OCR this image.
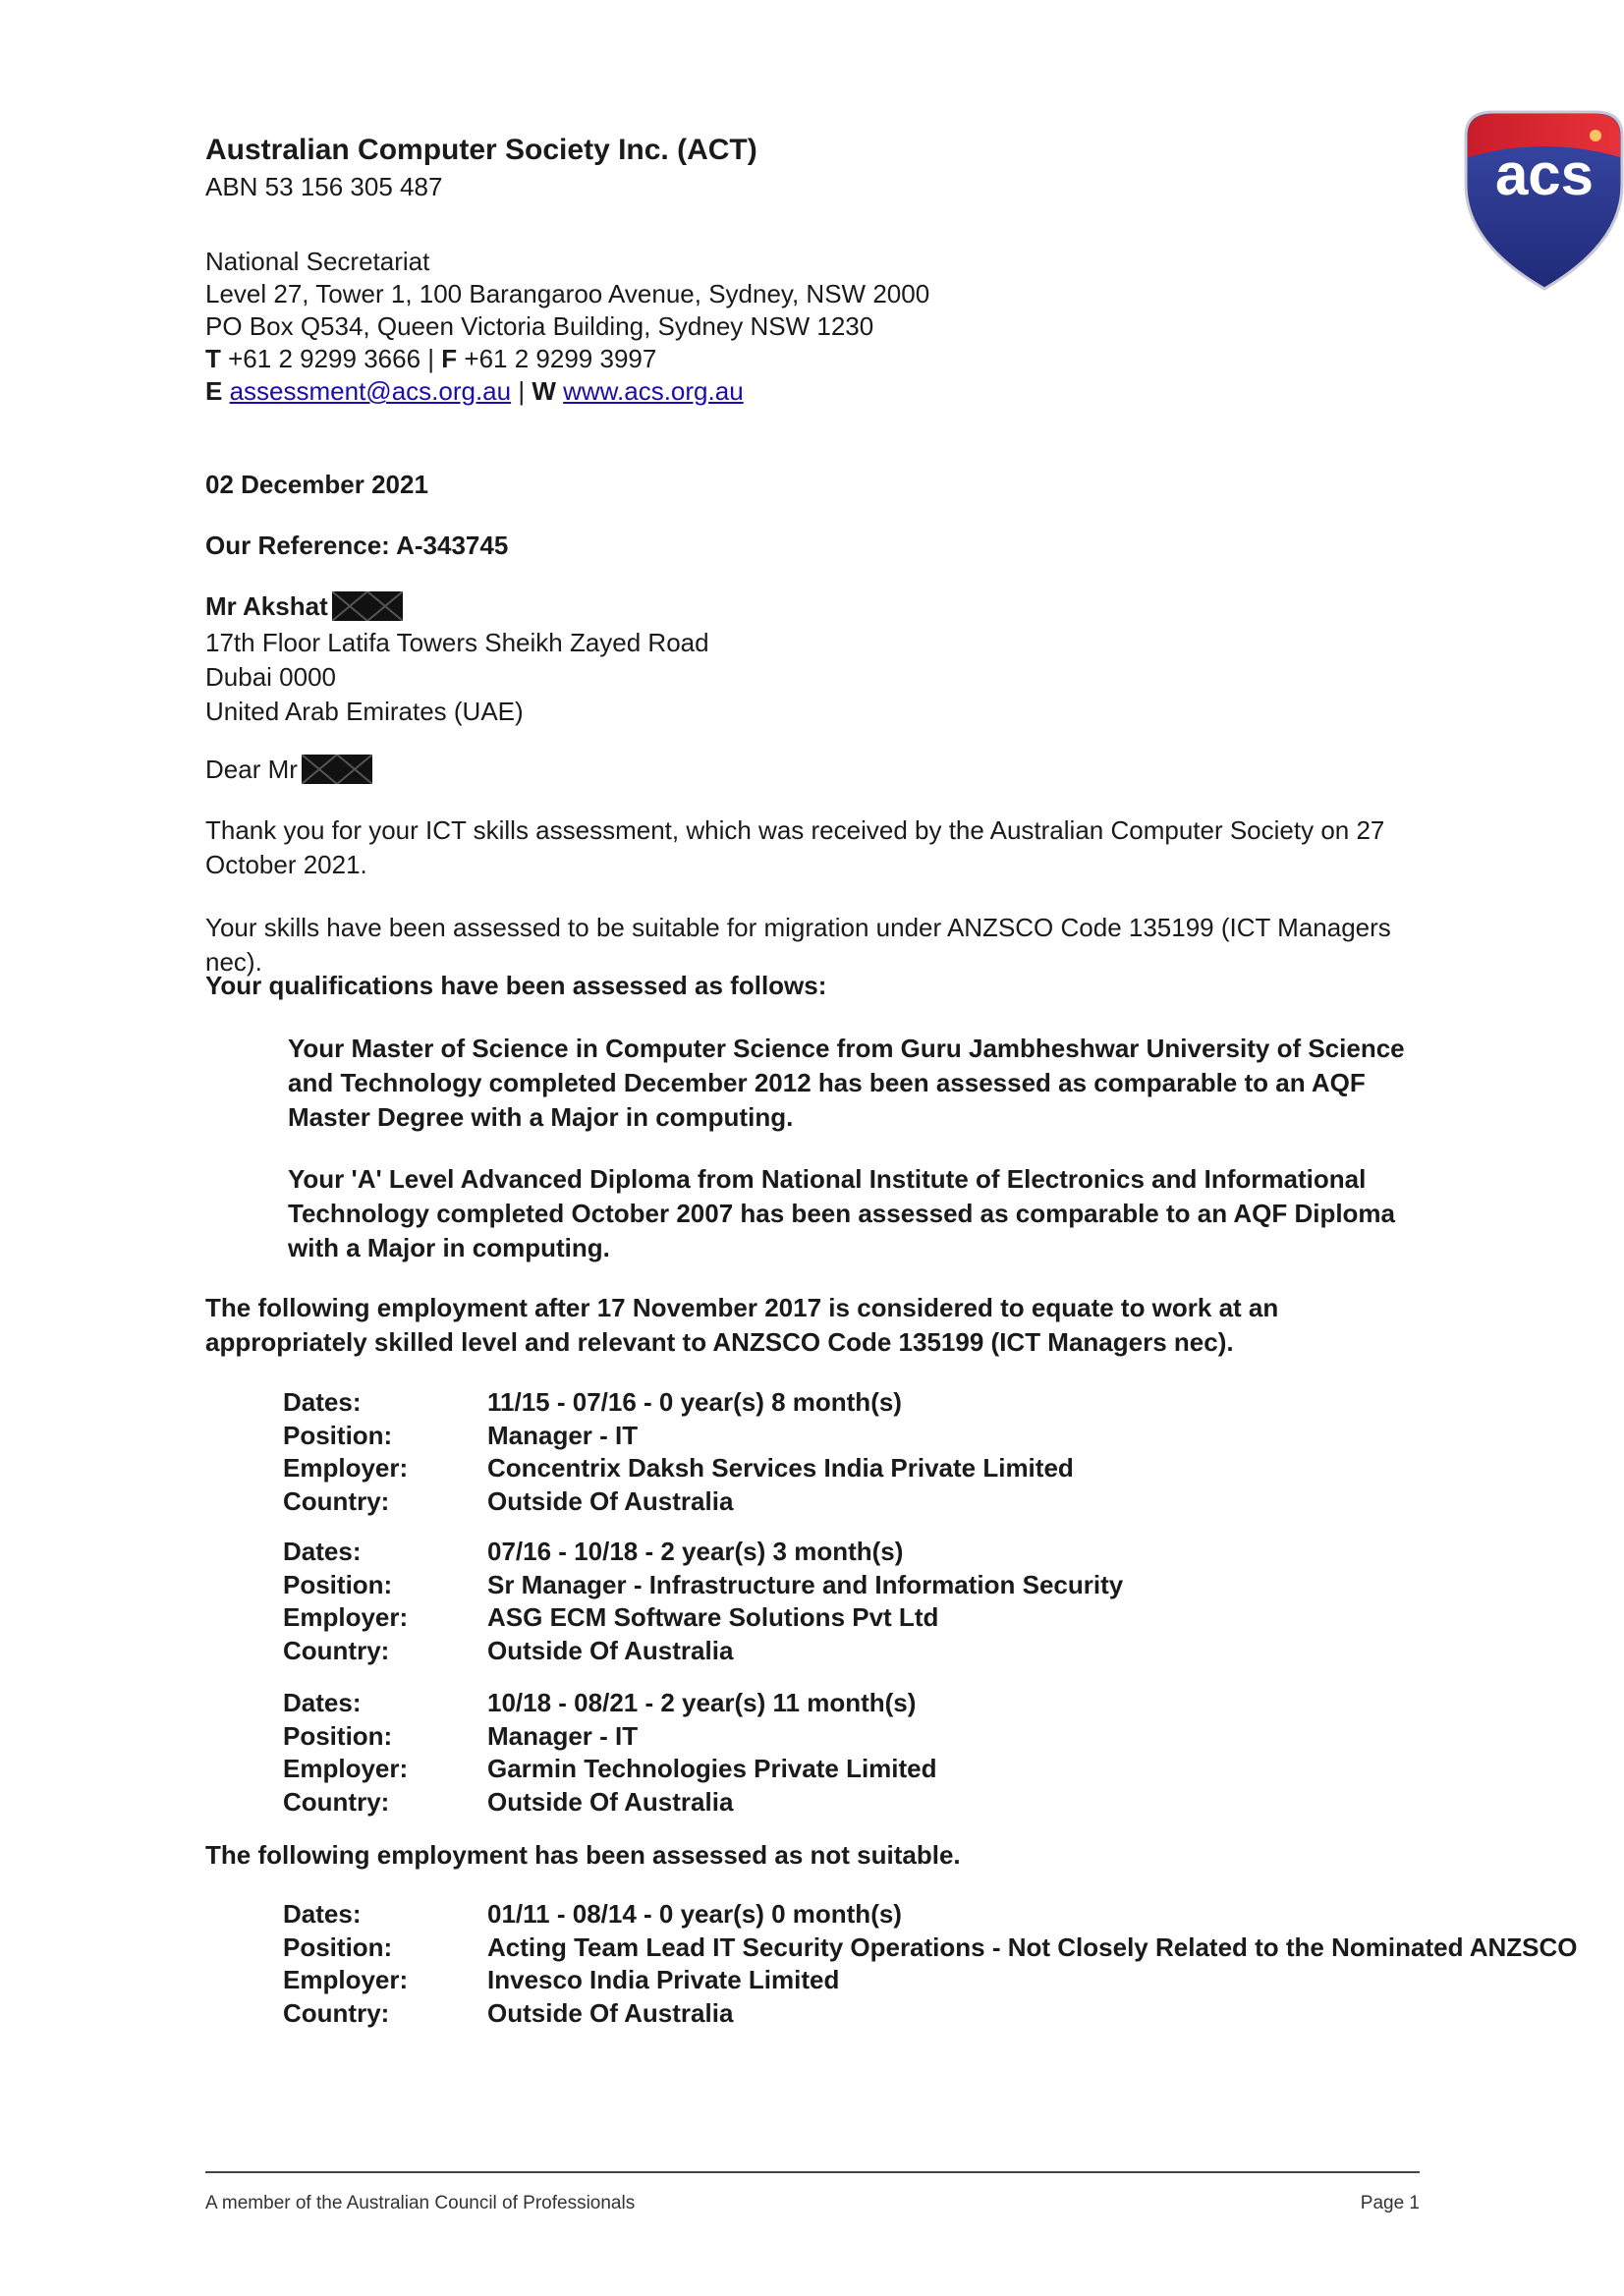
Australian Computer Society Inc. (ACT)
ABN 53 156 305 487
National Secretariat
Level 27, Tower 1, 100 Barangaroo Avenue, Sydney, NSW 2000
PO Box Q534, Queen Victoria Building, Sydney NSW 1230
T +61 2 9299 3666 | F +61 2 9299 3997
E assessment@acs.org.au | W www.acs.org.au
acs
02 December 2021
Our Reference: A-343745
Mr Akshat
17th Floor Latifa Towers Sheikh Zayed Road
Dubai 0000
United Arab Emirates (UAE)
Dear Mr
Thank you for your ICT skills assessment, which was received by the Australian Computer Society on 27 October 2021.
Your skills have been assessed to be suitable for migration under ANZSCO Code 135199 (ICT Managers nec).
Your qualifications have been assessed as follows:
Your Master of Science in Computer Science from Guru Jambheshwar University of Science and Technology completed December 2012 has been assessed as comparable to an AQF Master Degree with a Major in computing.
Your 'A' Level Advanced Diploma from National Institute of Electronics and Informational Technology completed October 2007 has been assessed as comparable to an AQF Diploma with a Major in computing.
The following employment after 17 November 2017 is considered to equate to work at an appropriately skilled level and relevant to ANZSCO Code 135199 (ICT Managers nec).
Dates:	11/15 - 07/16 - 0 year(s) 8 month(s)
Position:	Manager - IT
Employer:	Concentrix Daksh Services India Private Limited
Country:	Outside Of Australia
Dates:	07/16 - 10/18 - 2 year(s) 3 month(s)
Position:	Sr Manager - Infrastructure and Information Security
Employer:	ASG ECM Software Solutions Pvt Ltd
Country:	Outside Of Australia
Dates:	10/18 - 08/21 - 2 year(s) 11 month(s)
Position:	Manager - IT
Employer:	Garmin Technologies Private Limited
Country:	Outside Of Australia
The following employment has been assessed as not suitable.
Dates:	01/11 - 08/14 - 0 year(s) 0 month(s)
Position:	Acting Team Lead IT Security Operations - Not Closely Related to the Nominated ANZSCO
Employer:	Invesco India Private Limited
Country:	Outside Of Australia
A member of the Australian Council of Professionals	Page 1
